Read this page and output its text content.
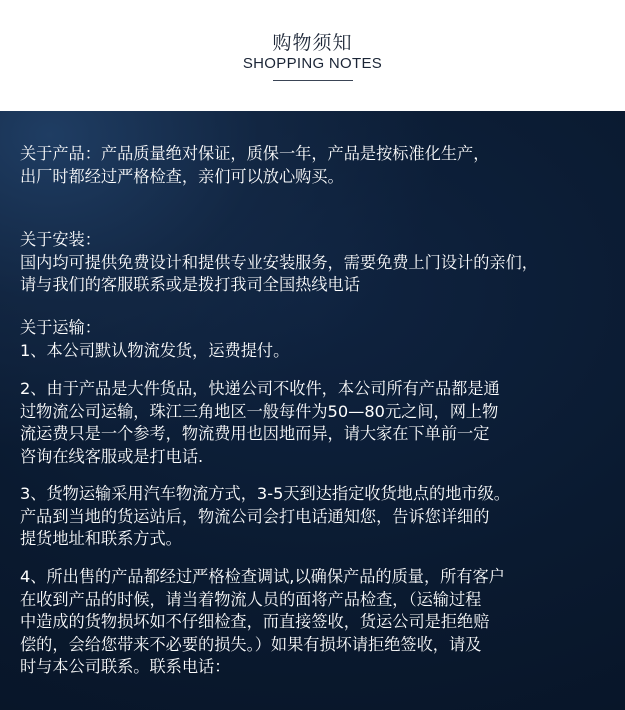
购物须知
SHOPPING NOTES
关于产品：产品质量绝对保证，质保一年，产品是按标准化生产，
出厂时都经过严格检查，亲们可以放心购买。
关于安装：
国内均可提供免费设计和提供专业安装服务，需要免费上门设计的亲们，
请与我们的客服联系或是拨打我司全国热线电话
关于运输：
1、本公司默认物流发货，运费提付。
2、由于产品是大件货品，快递公司不收件，本公司所有产品都是通
过物流公司运输，珠江三角地区一般每件为50—80元之间，网上物
流运费只是一个参考，物流费用也因地而异，请大家在下单前一定
咨询在线客服或是打电话.
3、货物运输采用汽车物流方式，3-5天到达指定收货地点的地市级。
产品到当地的货运站后，物流公司会打电话通知您，告诉您详细的
提货地址和联系方式。
4、所出售的产品都经过严格检查调试,以确保产品的质量，所有客户
在收到产品的时候，请当着物流人员的面将产品检查，（运输过程
中造成的货物损坏如不仔细检查，而直接签收，货运公司是拒绝赔
偿的，会给您带来不必要的损失。）如果有损坏请拒绝签收，请及
时与本公司联系。联系电话：
